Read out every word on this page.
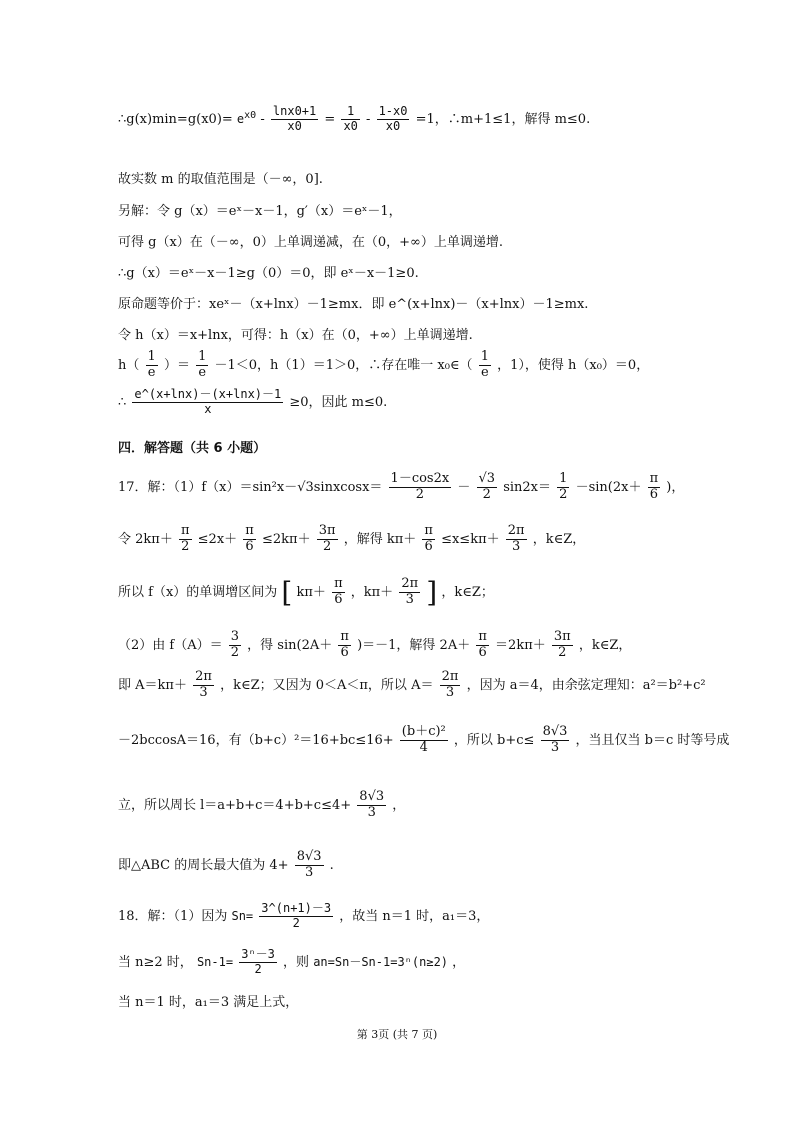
∴g(x)min=g(x0)= $e^{x0} - \frac{\ln x0+1}{x0} = \frac{1}{x0} - \frac{1-x0}{x0} =1$，∴m+1≤1，解得 m≤0.
故实数 m 的取值范围是（－∞，0].
另解：令 g（x）＝eˣ－x－1，g′（x）＝eˣ－1，
可得 g（x）在（－∞，0）上单调递减，在（0，+∞）上单调递增.
∴g（x）＝eˣ－x－1≥g（0）＝0，即 eˣ－x－1≥0.
原命题等价于：xeˣ－（x+lnx）－1≥mx．即 e^(x+lnx)－（x+lnx）－1≥mx.
令 h（x）＝x+lnx，可得：h（x）在（0，+∞）上单调递增.
$h( \frac{1}{e}$ ）＝ $\frac{1}{e} -1<0$，h（1）＝1＞0，∴存在唯一 x₀∈（ $\frac{1}{e}$ ，1），使得 h（x₀）＝0，
∴ $\frac{e\^{}(x+\ln x)-(x+\ln x)-1}{x} \ge 0$，因此 m≤0.
四．解答题（共 6 小题）
17．解：（1）f（x）＝sin²x－√3sinxcosx＝ $\frac{1-\cos 2x}{2} - \frac{√3}{2} \sin 2x= \frac{1}{2} -\sin(2x+ \frac{\pi}{6}$ )，
令 $2k\pi+ \frac{\pi}{2} \le 2x+ \frac{\pi}{6} \le 2k\pi+ \frac{3\pi}{2}$ ，解得 $k\pi+ \frac{\pi}{6} \le x\le k\pi+ \frac{2\pi}{3}$ ，k∈Z，
所以 f（x）的单调增区间为 [ $k\pi+ \frac{\pi}{6}$ ，$k\pi+ \frac{2\pi}{3}$ ] ，k∈Z；
（2）由 $f(A)= \frac{3}{2}$ ，得 $\sin(2A+ \frac{\pi}{6} )=-1$，解得 $2A+ \frac{\pi}{6} =2k\pi+ \frac{3\pi}{2}$ ，k∈Z，
即 $A=k\pi+ \frac{2\pi}{3}$ ，k∈Z；又因为 0＜A＜π，所以 $A= \frac{2\pi}{3}$ ，因为 a＝4，由余弦定理知：a²＝b²+c²
－2bccosA＝16，有$(b+c)^2=16+bc\le 16+ \frac{\text{(b＋c)²}}{4}$ ，所以 $b+c\le \frac{8√3}{3}$ ，当且仅当 b＝c 时等号成
立，所以周长 $l=a+b+c=4+b+c\le 4+ \frac{8√3}{3}$ ，
即△ABC 的周长最大值为 $4+ \frac{8√3}{3}$ .
18．解：（1）因为 $Sn= \frac{3\^{}(n+1)-3}{2}$ ，故当 n＝1 时，a₁＝3，
当 n≥2 时， $Sn-1= \frac{\text{3ⁿ－3}}{2}$ ，则 an=Sn－Sn-1=3ⁿ(n≥2) ，
当 n＝1 时，a₁＝3 满足上式，
第 3页 (共 7 页)
